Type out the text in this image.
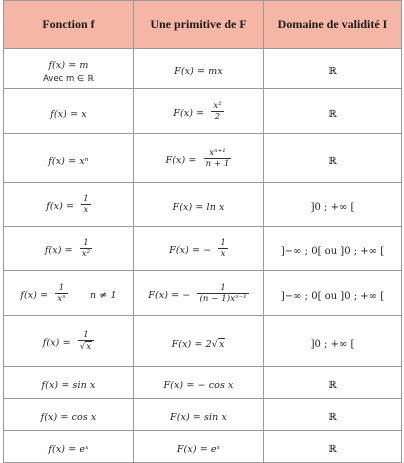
Fonction f	Une primitive de F	Domaine de validité I
f(x) = m
Avec m ∈ ℝ	F(x) = mx	ℝ
f(x) = x	$F(x) = \frac{\text{x²}}{2}$	ℝ
f(x) = xⁿ	$F(x) = \frac{\text{xⁿ⁺¹}}{n + 1}$	ℝ
$f(x) = \frac{1}{x}$	F(x) = ln x	]0 ; +∞ [
$f(x) = \frac{1}{\text{x²}}$	F(x) = − $\frac{1}{x}$	]−∞ ; 0[ ou ]0 ; +∞ [
$f(x) = \frac{1}{\text{xⁿ}}$ n ≠ 1	F(x) = − $\frac{1}{\text{(n − 1)xⁿ⁻¹}}$	]−∞ ; 0[ ou ]0 ; +∞ [
$f(x) = \frac{1}{√x}$	F(x) = 2√x	]0 ; +∞ [
f(x) = sin x	F(x) = − cos x	ℝ
f(x) = cos x	F(x) = sin x	ℝ
f(x) = eˣ	F(x) = eˣ	ℝ
